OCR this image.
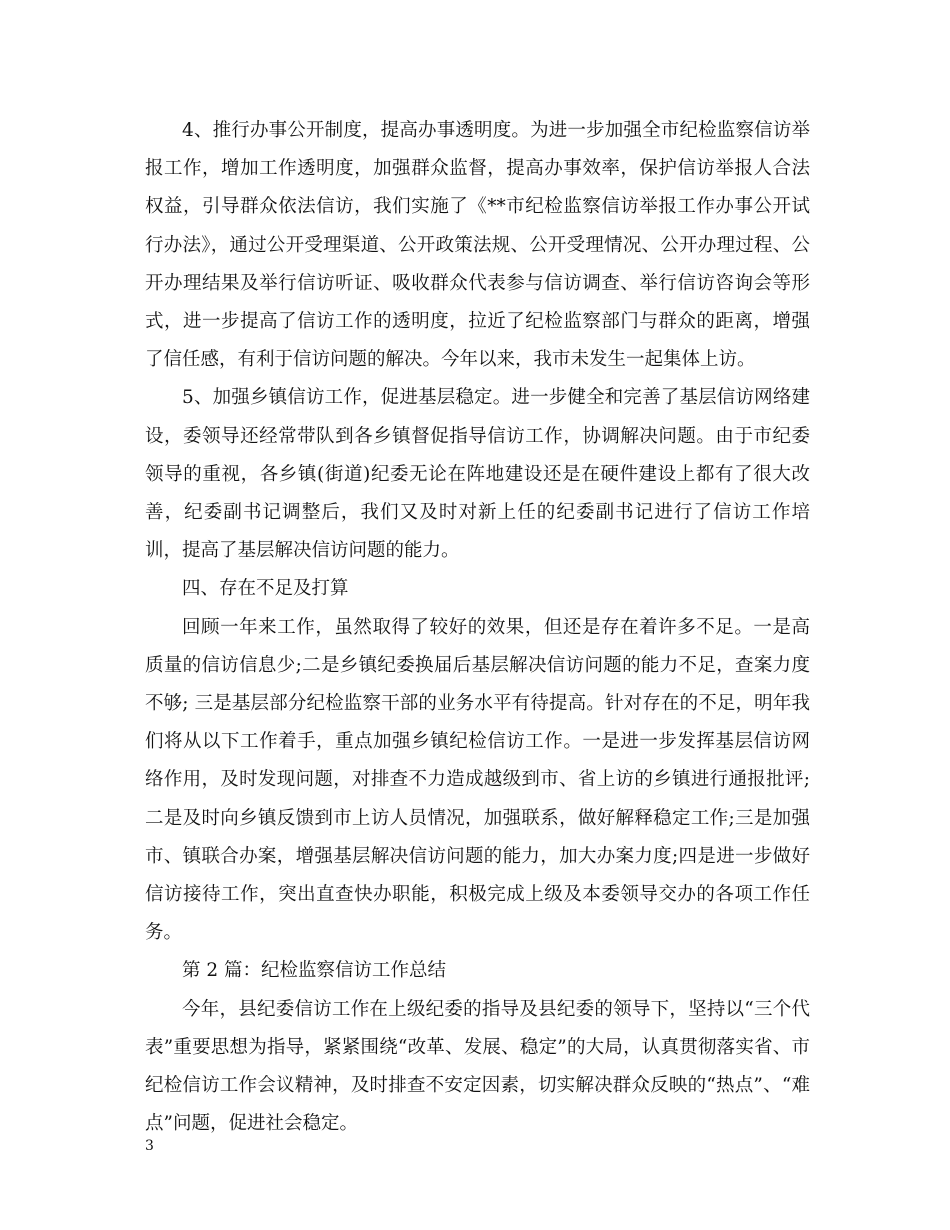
4、推行办事公开制度，提高办事透明度。为进一步加强全市纪检监察信访举报工作，增加工作透明度，加强群众监督，提高办事效率，保护信访举报人合法权益，引导群众依法信访，我们实施了《**市纪检监察信访举报工作办事公开试行办法》，通过公开受理渠道、公开政策法规、公开受理情况、公开办理过程、公开办理结果及举行信访听证、吸收群众代表参与信访调查、举行信访咨询会等形式，进一步提高了信访工作的透明度，拉近了纪检监察部门与群众的距离，增强了信任感，有利于信访问题的解决。今年以来，我市未发生一起集体上访。

5、加强乡镇信访工作，促进基层稳定。进一步健全和完善了基层信访网络建设，委领导还经常带队到各乡镇督促指导信访工作，协调解决问题。由于市纪委领导的重视，各乡镇(街道)纪委无论在阵地建设还是在硬件建设上都有了很大改善，纪委副书记调整后，我们又及时对新上任的纪委副书记进行了信访工作培训，提高了基层解决信访问题的能力。

四、存在不足及打算

回顾一年来工作，虽然取得了较好的效果，但还是存在着许多不足。一是高质量的信访信息少;二是乡镇纪委换届后基层解决信访问题的能力不足，查案力度不够; 三是基层部分纪检监察干部的业务水平有待提高。针对存在的不足，明年我们将从以下工作着手，重点加强乡镇纪检信访工作。一是进一步发挥基层信访网络作用，及时发现问题，对排查不力造成越级到市、省上访的乡镇进行通报批评;二是及时向乡镇反馈到市上访人员情况，加强联系，做好解释稳定工作;三是加强市、镇联合办案，增强基层解决信访问题的能力，加大办案力度;四是进一步做好信访接待工作，突出直查快办职能，积极完成上级及本委领导交办的各项工作任务。

第 2 篇：纪检监察信访工作总结

今年，县纪委信访工作在上级纪委的指导及县纪委的领导下，坚持以“三个代表”重要思想为指导，紧紧围绕“改革、发展、稳定”的大局，认真贯彻落实省、市纪检信访工作会议精神，及时排查不安定因素，切实解决群众反映的“热点”、“难点”问题，促进社会稳定。

3
